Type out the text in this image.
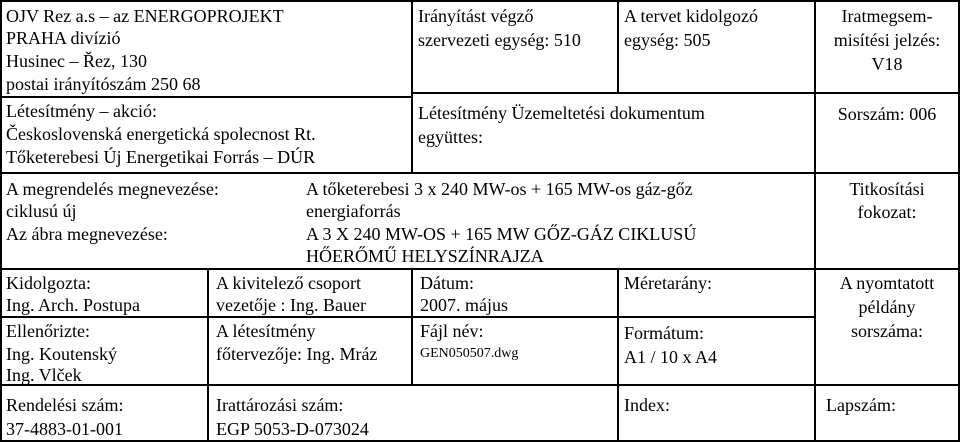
OJV Rez a.s – az ENERGOPROJEKT
PRAHA divízió
Husinec – Řez, 130
postai irányítószám 250 68
Létesítmény – akció:
Československá energetická spolecnost Rt.
Tőketerebesi Új Energetikai Forrás – DÚR
Irányítást végző
szervezeti egység: 510
A tervet kidolgozó
egység: 505
Létesítmény Üzemeltetési dokumentum
együttes:
Iratmegsem-
misítési jelzés:
V18
Sorszám: 006
A megrendelés megnevezése:
ciklusú új
A tőketerebesi 3 x 240 MW-os + 165 MW-os gáz-gőz
energiaforrás
Az ábra megnevezése:	A 3 X 240 MW-OS + 165 MW GŐZ-GÁZ CIKLUSÚ
HŐERŐMŰ HELYSZÍNRAJZA
Titkosítási
fokozat:
Kidolgozta:
Ing. Arch. Postupa
Ellenőrizte:
Ing. Koutenský
Ing. Vlček
A kivitelező csoport
vezetője : Ing. Bauer
A létesítmény
főtervezője: Ing. Mráz
Dátum:
2007. május
Fájl név:
GEN050507.dwg
Méretarány:
Formátum:
A1 / 10 x A4
A nyomtatott
példány
sorszáma:
Rendelési szám:
37-4883-01-001
Irattározási szám:
EGP 5053-D-073024
Index:	Lapszám:
